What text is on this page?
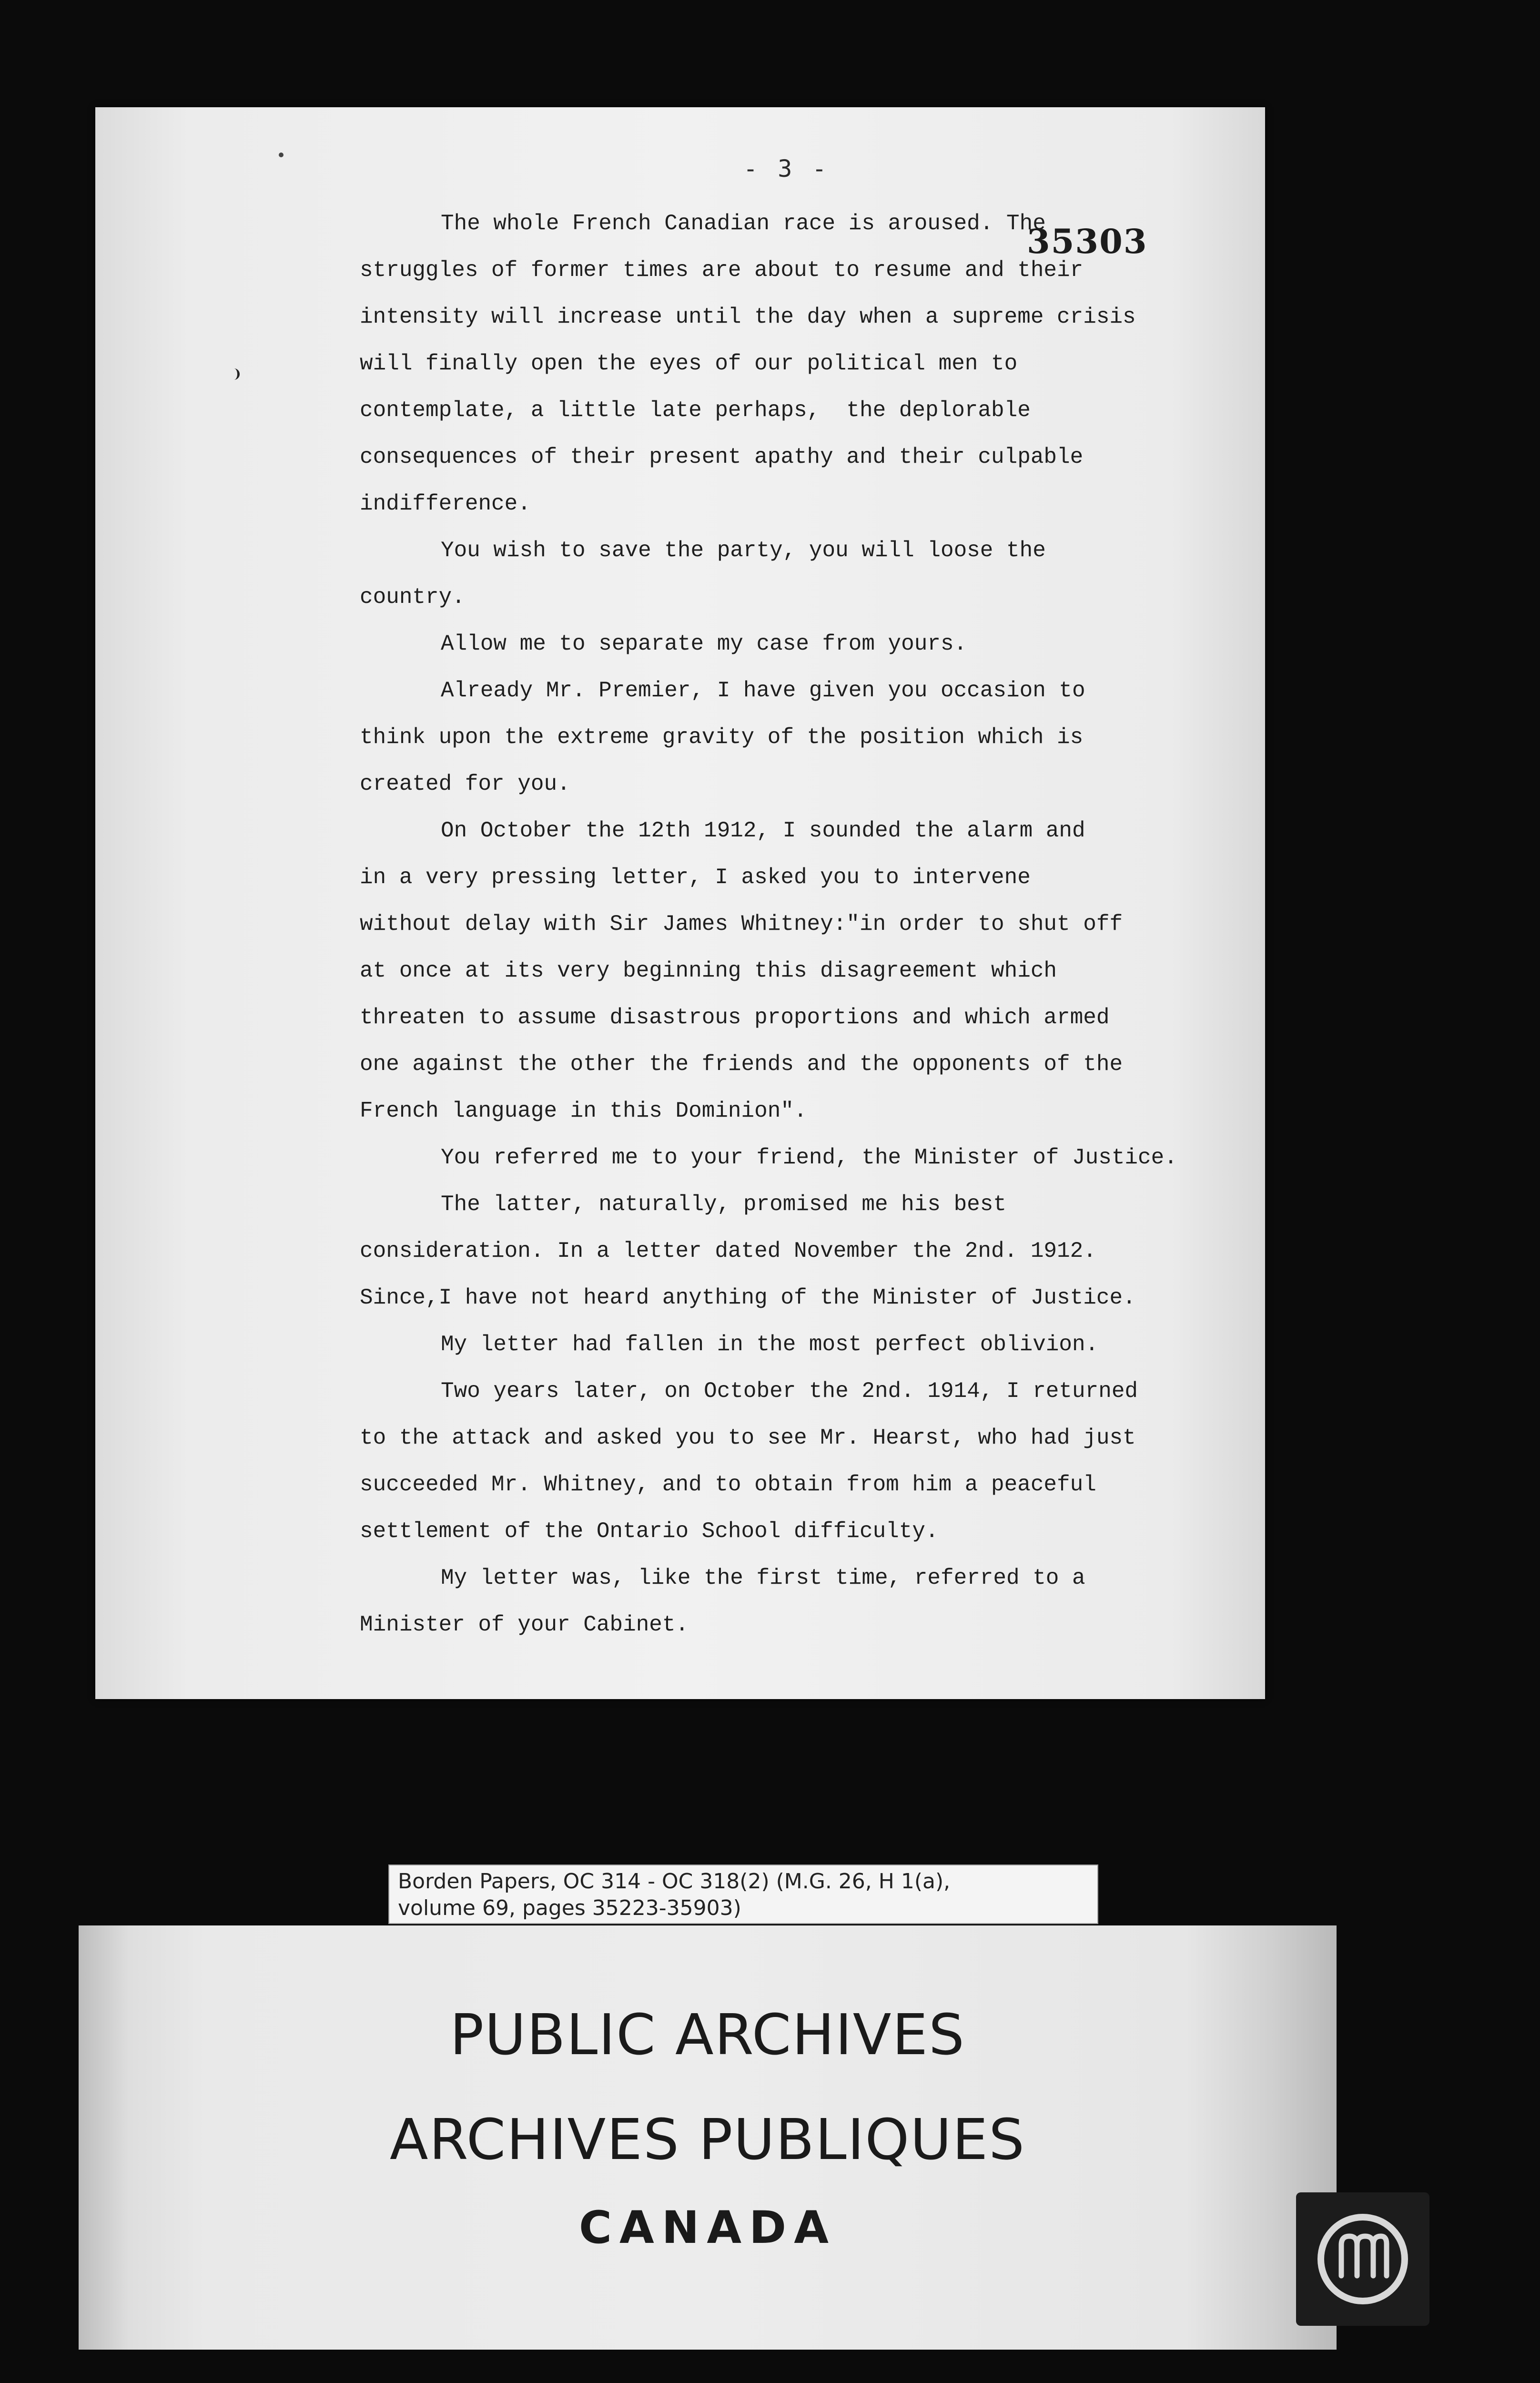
- 3 -
35303

The whole French Canadian race is aroused. The

struggles of former times are about to resume and their

intensity will increase until the day when a supreme crisis

will finally open the eyes of our political men to

contemplate, a little late perhaps,  the deplorable

consequences of their present apathy and their culpable

indifference.

You wish to save the party, you will loose the

country.

Allow me to separate my case from yours.

Already Mr. Premier, I have given you occasion to

think upon the extreme gravity of the position which is

created for you.

On October the 12th 1912, I sounded the alarm and

in a very pressing letter, I asked you to intervene

without delay with Sir James Whitney:"in order to shut off

at once at its very beginning this disagreement which

threaten to assume disastrous proportions and which armed

one against the other the friends and the opponents of the

French language in this Dominion".

You referred me to your friend, the Minister of Justice.

The latter, naturally, promised me his best

consideration. In a letter dated November the 2nd. 1912.

Since,I have not heard anything of the Minister of Justice.

My letter had fallen in the most perfect oblivion.

Two years later, on October the 2nd. 1914, I returned

to the attack and asked you to see Mr. Hearst, who had just

succeeded Mr. Whitney, and to obtain from him a peaceful

settlement of the Ontario School difficulty.

My letter was, like the first time, referred to a

Minister of your Cabinet.

Borden Papers, OC 314 - OC 318(2) (M.G. 26, H 1(a),
volume 69, pages 35223-35903)
PUBLIC ARCHIVES
ARCHIVES PUBLIQUES
CANADA
